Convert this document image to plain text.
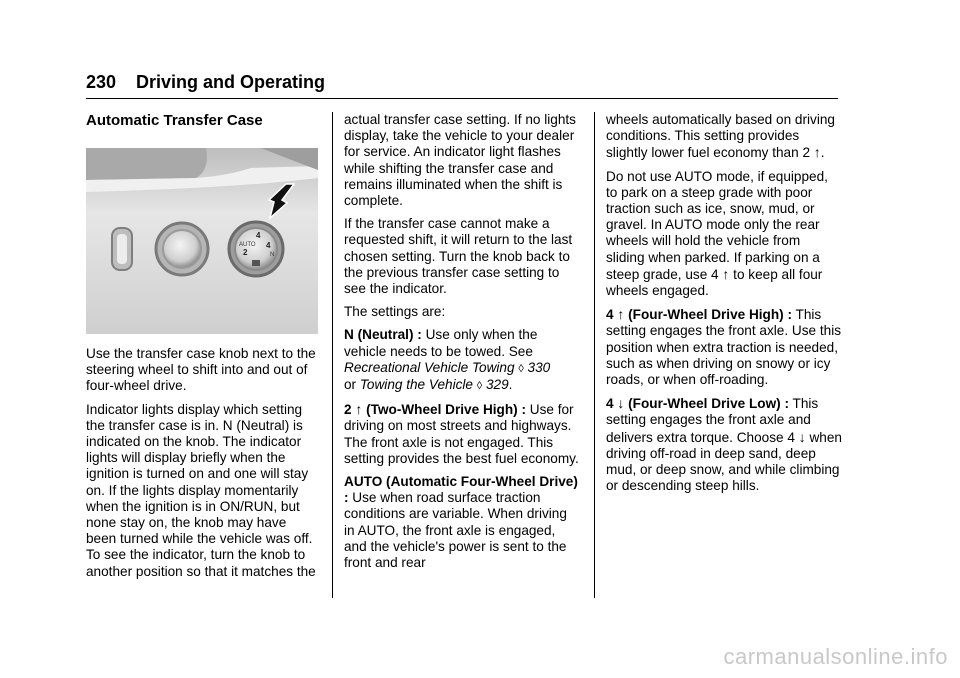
230 Driving and Operating
Automatic Transfer Case
AUTO
2
4
4
N

Use the transfer case knob next to the steering wheel to shift into and out of four-wheel drive.

Indicator lights display which setting the transfer case is in. N (Neutral) is indicated on the knob. The indicator lights will display briefly when the ignition is turned on and one will stay on. If the lights display momentarily when the ignition is in ON/RUN, but none stay on, the knob may have been turned while the vehicle was off. To see the indicator, turn the knob to another position so that it matches the

actual transfer case setting. If no lights display, take the vehicle to your dealer for service. An indicator light flashes while shifting the transfer case and remains illuminated when the shift is complete.

If the transfer case cannot make a requested shift, it will return to the last chosen setting. Turn the knob back to the previous transfer case setting to see the indicator.

The settings are:

N (Neutral) : Use only when the vehicle needs to be towed. See Recreational Vehicle Towing ◊ 330
or Towing the Vehicle ◊ 329.

2 ↑ (Two-Wheel Drive High) : Use for driving on most streets and highways. The front axle is not engaged. This setting provides the best fuel economy.

AUTO (Automatic Four-Wheel Drive) : Use when road surface traction conditions are variable. When driving in AUTO, the front axle is engaged, and the vehicle's power is sent to the front and rear

wheels automatically based on driving conditions. This setting provides slightly lower fuel economy than 2 ↑.

Do not use AUTO mode, if equipped, to park on a steep grade with poor traction such as ice, snow, mud, or gravel. In AUTO mode only the rear wheels will hold the vehicle from sliding when parked. If parking on a steep grade, use 4 ↑ to keep all four wheels engaged.

4 ↑ (Four-Wheel Drive High) : This setting engages the front axle. Use this position when extra traction is needed, such as when driving on snowy or icy roads, or when off-roading.

4 ↓ (Four-Wheel Drive Low) : This setting engages the front axle and delivers extra torque. Choose 4 ↓ when driving off-road in deep sand, deep mud, or deep snow, and while climbing or descending steep hills.

carmanualsonline.info
